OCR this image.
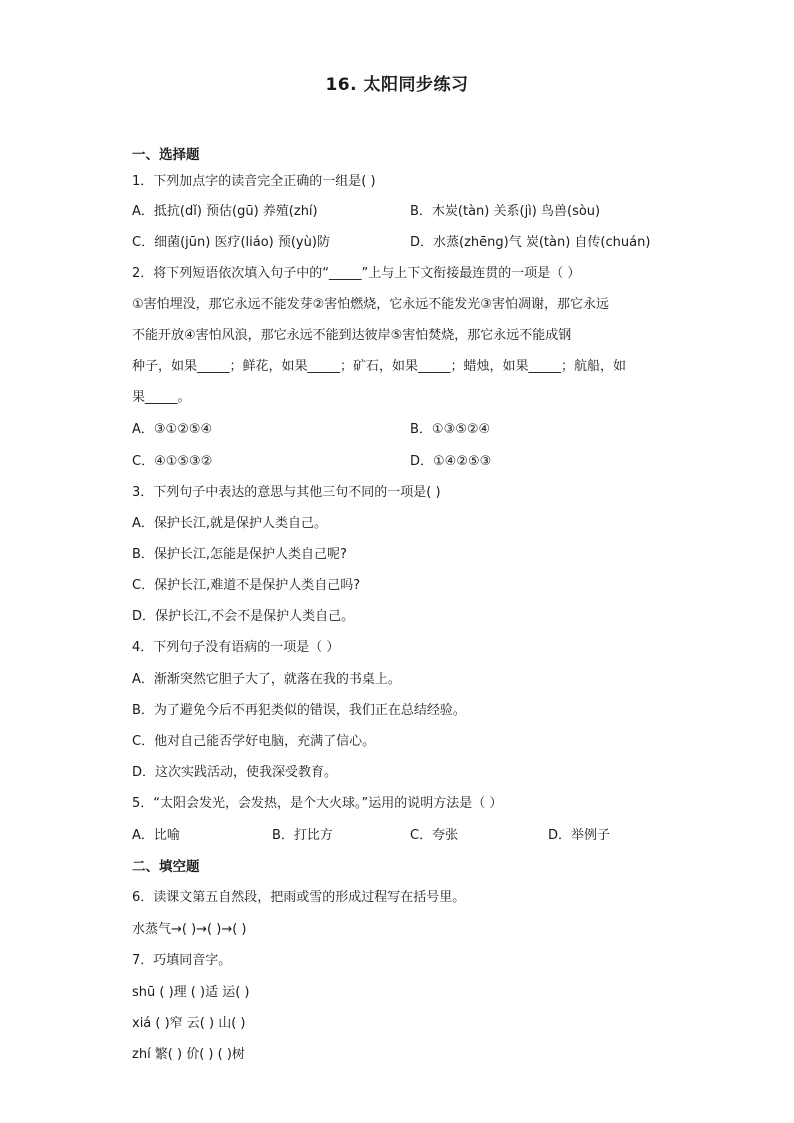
16. 太阳同步练习
一、选择题
1．下列加点字的读音完全正确的一组是( )
A．抵抗(dǐ) 预估(gū) 养殖(zhí)	B．木炭(tàn) 关系(jì) 鸟兽(sòu)
C．细菌(jūn) 医疗(liáo) 预(yù)防	D．水蒸(zhēng)气 炭(tàn) 自传(chuán)
2．将下列短语依次填入句子中的“_____”上与上下文衔接最连贯的一项是（ ）
①害怕埋没，那它永远不能发芽②害怕燃烧，它永远不能发光③害怕凋谢，那它永远
不能开放④害怕风浪，那它永远不能到达彼岸⑤害怕焚烧，那它永远不能成钢
种子，如果_____；鲜花，如果_____；矿石，如果_____；蜡烛，如果_____；航船，如
果_____。
A．③①②⑤④	B．①③⑤②④
C．④①⑤③②	D．①④②⑤③
3．下列句子中表达的意思与其他三句不同的一项是( )
A．保护长江,就是保护人类自己。
B．保护长江,怎能是保护人类自己呢?
C．保护长江,难道不是保护人类自己吗?
D．保护长江,不会不是保护人类自己。
4．下列句子没有语病的一项是（ ）
A．渐渐突然它胆子大了，就落在我的书桌上。
B．为了避免今后不再犯类似的错误，我们正在总结经验。
C．他对自己能否学好电脑，充满了信心。
D．这次实践活动，使我深受教育。
5．“太阳会发光，会发热，是个大火球。”运用的说明方法是（ ）
A．比喻	B．打比方	C．夸张	D．举例子
二、填空题
6．读课文第五自然段，把雨或雪的形成过程写在括号里。
水蒸气→( )→( )→( )
7．巧填同音字。
shū ( )理 ( )适 运( )
xiá ( )窄 云( ) 山( )
zhí 繁( ) 价( ) ( )树
